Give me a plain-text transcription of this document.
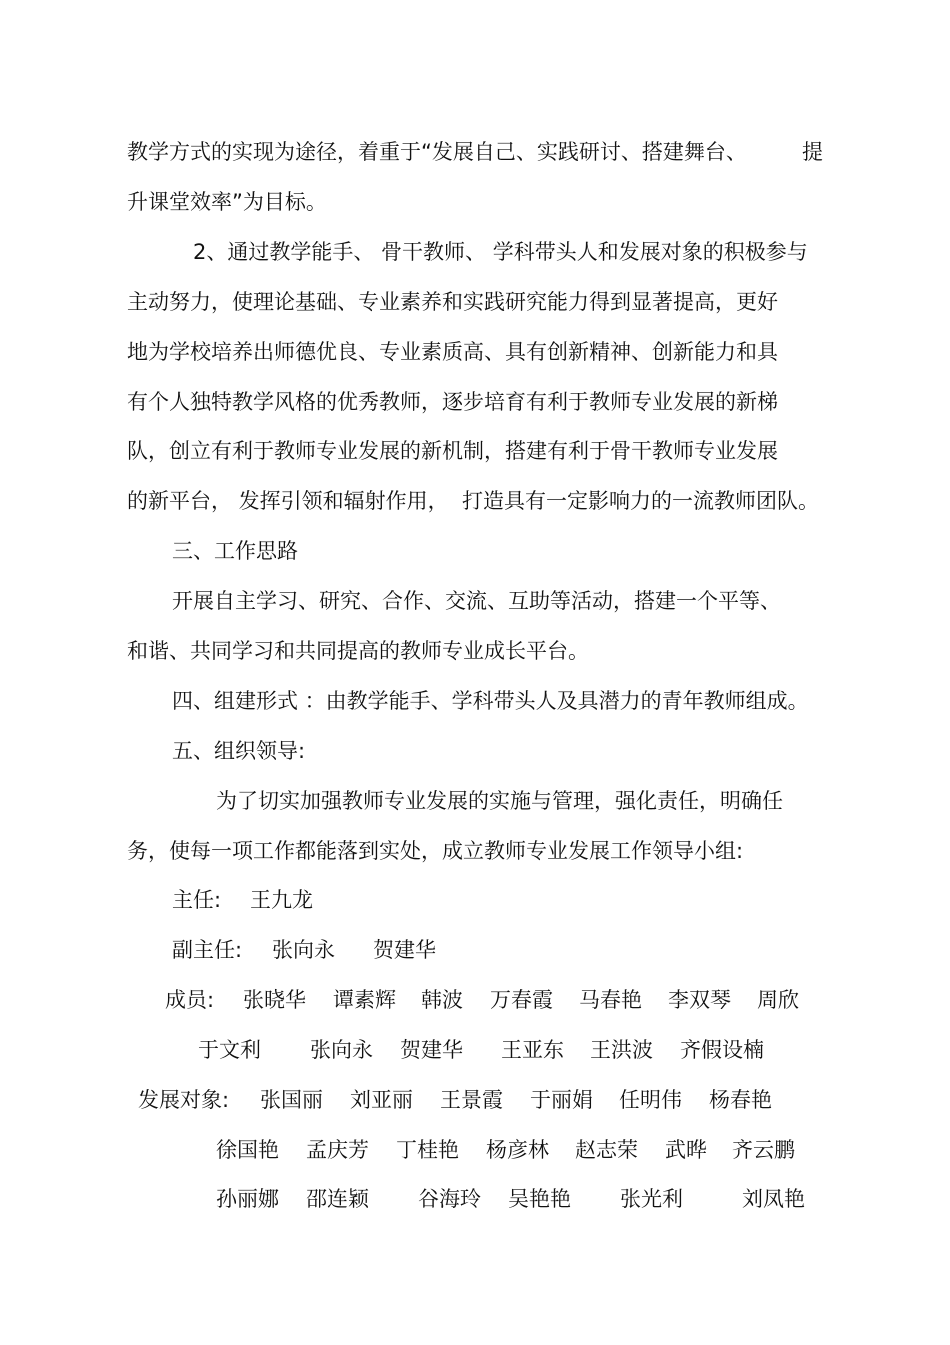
教学方式的实现为途径，着重于“发展自己、实践研讨、搭建舞台、	提
升课堂效率”为目标。
2、通过教学能手、 骨干教师、 学科带头人和发展对象的积极参与
主动努力，使理论基础、专业素养和实践研究能力得到显著提高，更好
地为学校培养出师德优良、专业素质高、具有创新精神、创新能力和具
有个人独特教学风格的优秀教师，逐步培育有利于教师专业发展的新梯
队，创立有利于教师专业发展的新机制，搭建有利于骨干教师专业发展
的新平台， 发挥引领和辐射作用，  打造具有一定影响力的一流教师团队。
三、工作思路
开展自主学习、研究、合作、交流、互助等活动，搭建一个平等、
和谐、共同学习和共同提高的教师专业成长平台。
四、组建形式 ：由教学能手、学科带头人及具潜力的青年教师组成。
五、组织领导:
为了切实加强教师专业发展的实施与管理，强化责任，明确任
务，使每一项工作都能落到实处，成立教师专业发展工作领导小组:
主任: 王九龙
副主任: 张向永 贺建华
成员: 张晓华 谭素辉 韩波 万春霞 马春艳 李双琴 周欣
于文利 张向永 贺建华 王亚东 王洪波 齐假设楠
发展对象: 张国丽 刘亚丽 王景霞 于丽娟 任明伟 杨春艳
徐国艳 孟庆芳 丁桂艳 杨彦林 赵志荣 武晔 齐云鹏
孙丽娜 邵连颖 谷海玲 吴艳艳 张光利	刘凤艳
